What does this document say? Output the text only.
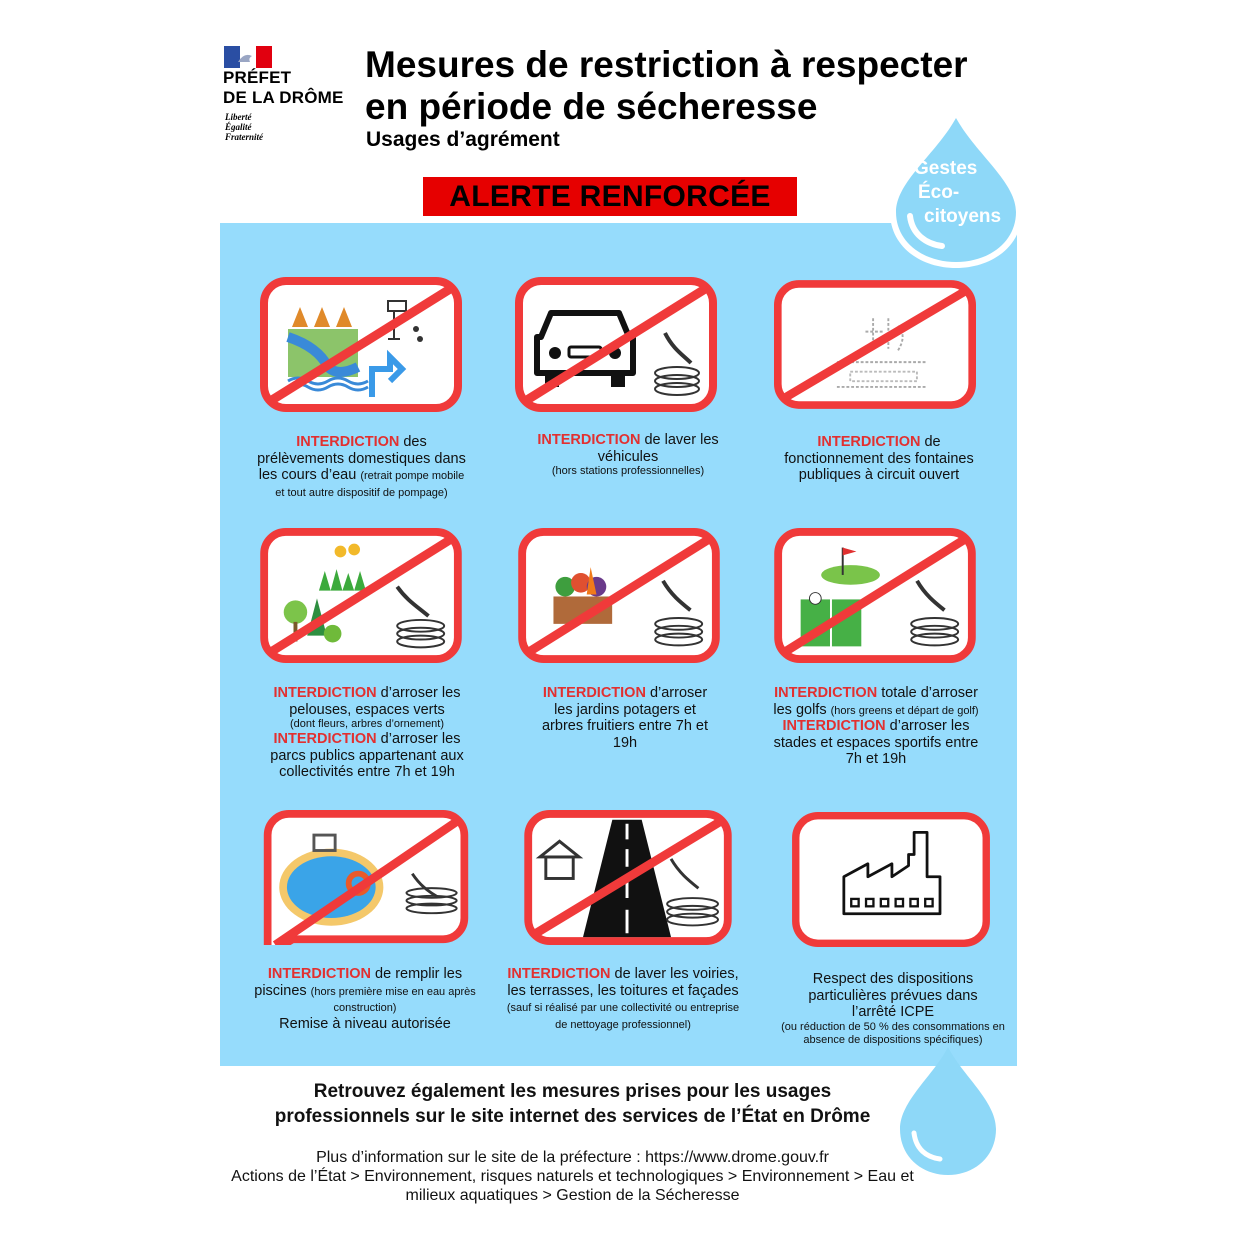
PRÉFET
DE LA DRÔME
Liberté
Égalité
Fraternité
Mesures de restriction à respecter
en période de sécheresse
Usages d’agrément
ALERTE RENFORCÉE
Gestes
Éco-
citoyens
INTERDICTION des prélèvements domestiques dans les cours d’eau (retrait pompe mobile et tout autre dispositif de pompage)
INTERDICTION de laver les véhicules
(hors stations professionnelles)
INTERDICTION de fonctionnement des fontaines publiques à circuit ouvert
INTERDICTION d’arroser les pelouses, espaces verts
(dont fleurs, arbres d’ornement)
INTERDICTION d’arroser les parcs publics appartenant aux collectivités entre 7h et 19h
INTERDICTION d’arroser les jardins potagers et arbres fruitiers entre 7h et 19h
INTERDICTION totale d’arroser les golfs (hors greens et départ de golf)
INTERDICTION d’arroser les stades et espaces sportifs entre 7h et 19h
INTERDICTION de remplir les piscines (hors première mise en eau après construction)
Remise à niveau autorisée
INTERDICTION de laver les voiries, les terrasses, les toitures et façades (sauf si réalisé par une collectivité ou entreprise de nettoyage professionnel)
Respect des dispositions particulières prévues dans l’arrêté ICPE
(ou réduction de 50 % des consommations en absence de dispositions spécifiques)
Retrouvez également les mesures prises pour les usages
professionnels sur le site internet des services de l’État en Drôme
Plus d’information sur le site de la préfecture : https://www.drome.gouv.fr
Actions de l’État > Environnement, risques naturels et technologiques > Environnement > Eau et milieux aquatiques > Gestion de la Sécheresse
